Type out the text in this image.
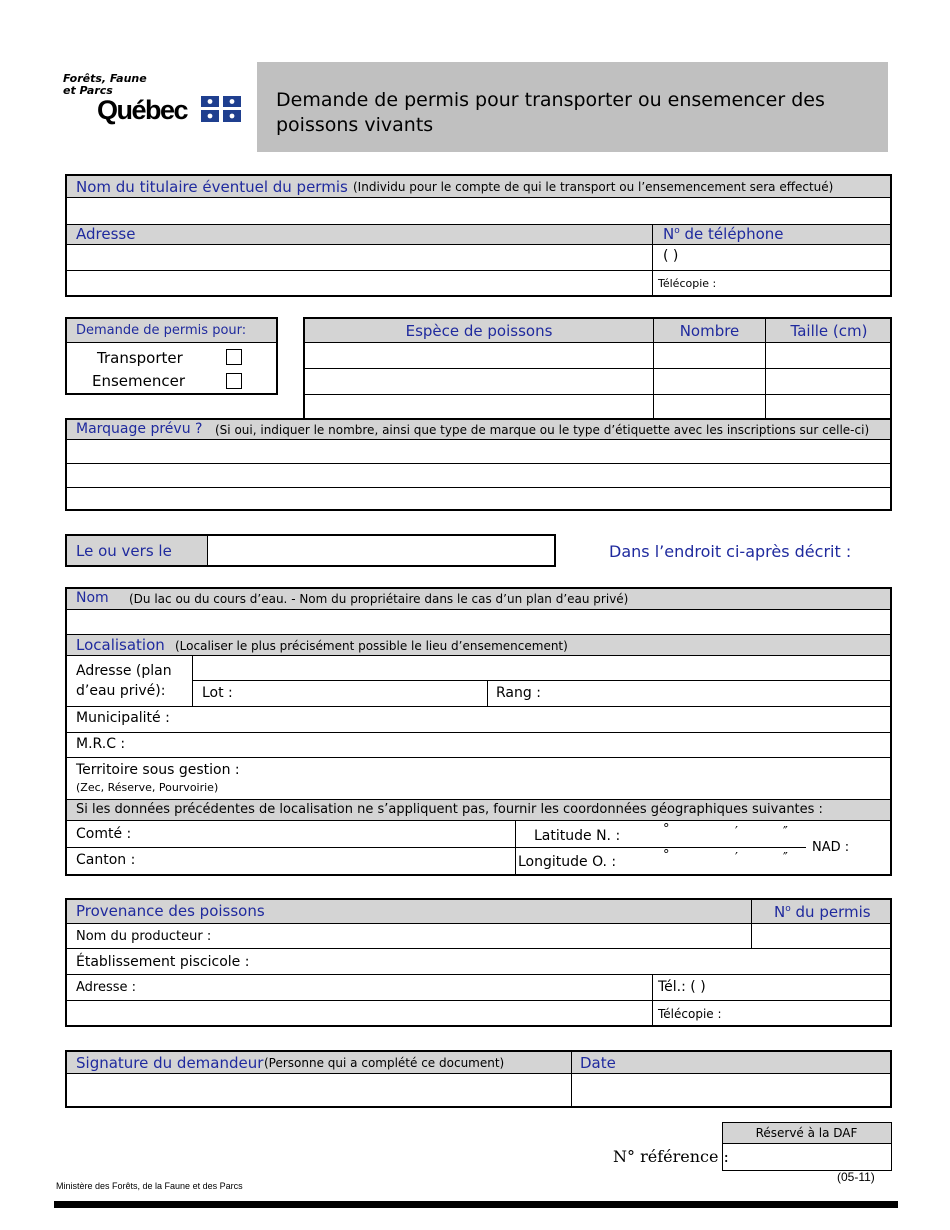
Forêts, Faune
et Parcs
Québec	Demande de permis pour transporter ou ensemencer des poissons vivants
Nom du titulaire éventuel du permis (Individu pour le compte de qui le transport ou l’ensemencement sera effectué)
Adresse	$N^o$ de téléphone
( )
Télécopie :
Demande de permis pour:
Transporter
Ensemencer
Espèce de poissons	Nombre	Taille (cm)
Marquage prévu ? (Si oui, indiquer le nombre, ainsi que type de marque ou le type d’étiquette avec les inscriptions sur celle-ci)
Le ou vers le	Dans l’endroit ci-après décrit :
Nom (Du lac ou du cours d’eau. - Nom du propriétaire dans le cas d’un plan d’eau privé)
Localisation (Localiser le plus précisément possible le lieu d’ensemencement)
Adresse (plan d’eau privé):	Lot :	Rang :
Municipalité :
M.R.C :
Territoire sous gestion :
(Zec, Réserve, Pourvoirie)
Si les données précédentes de localisation ne s’appliquent pas, fournir les coordonnées géographiques suivantes :
Comté :
Canton :
Latitude N. :	°	′	″
Longitude O. :	°	′	″
NAD :
Provenance des poissons	$N^o$ du permis
Nom du producteur :
Établissement piscicole :
Adresse :	Tél.: ( )
Télécopie :
Signature du demandeur (Personne qui a complété ce document)	Date
Réservé à la DAF
N° référence :
(05-11)
Ministère des Forêts, de la Faune et des Parcs
